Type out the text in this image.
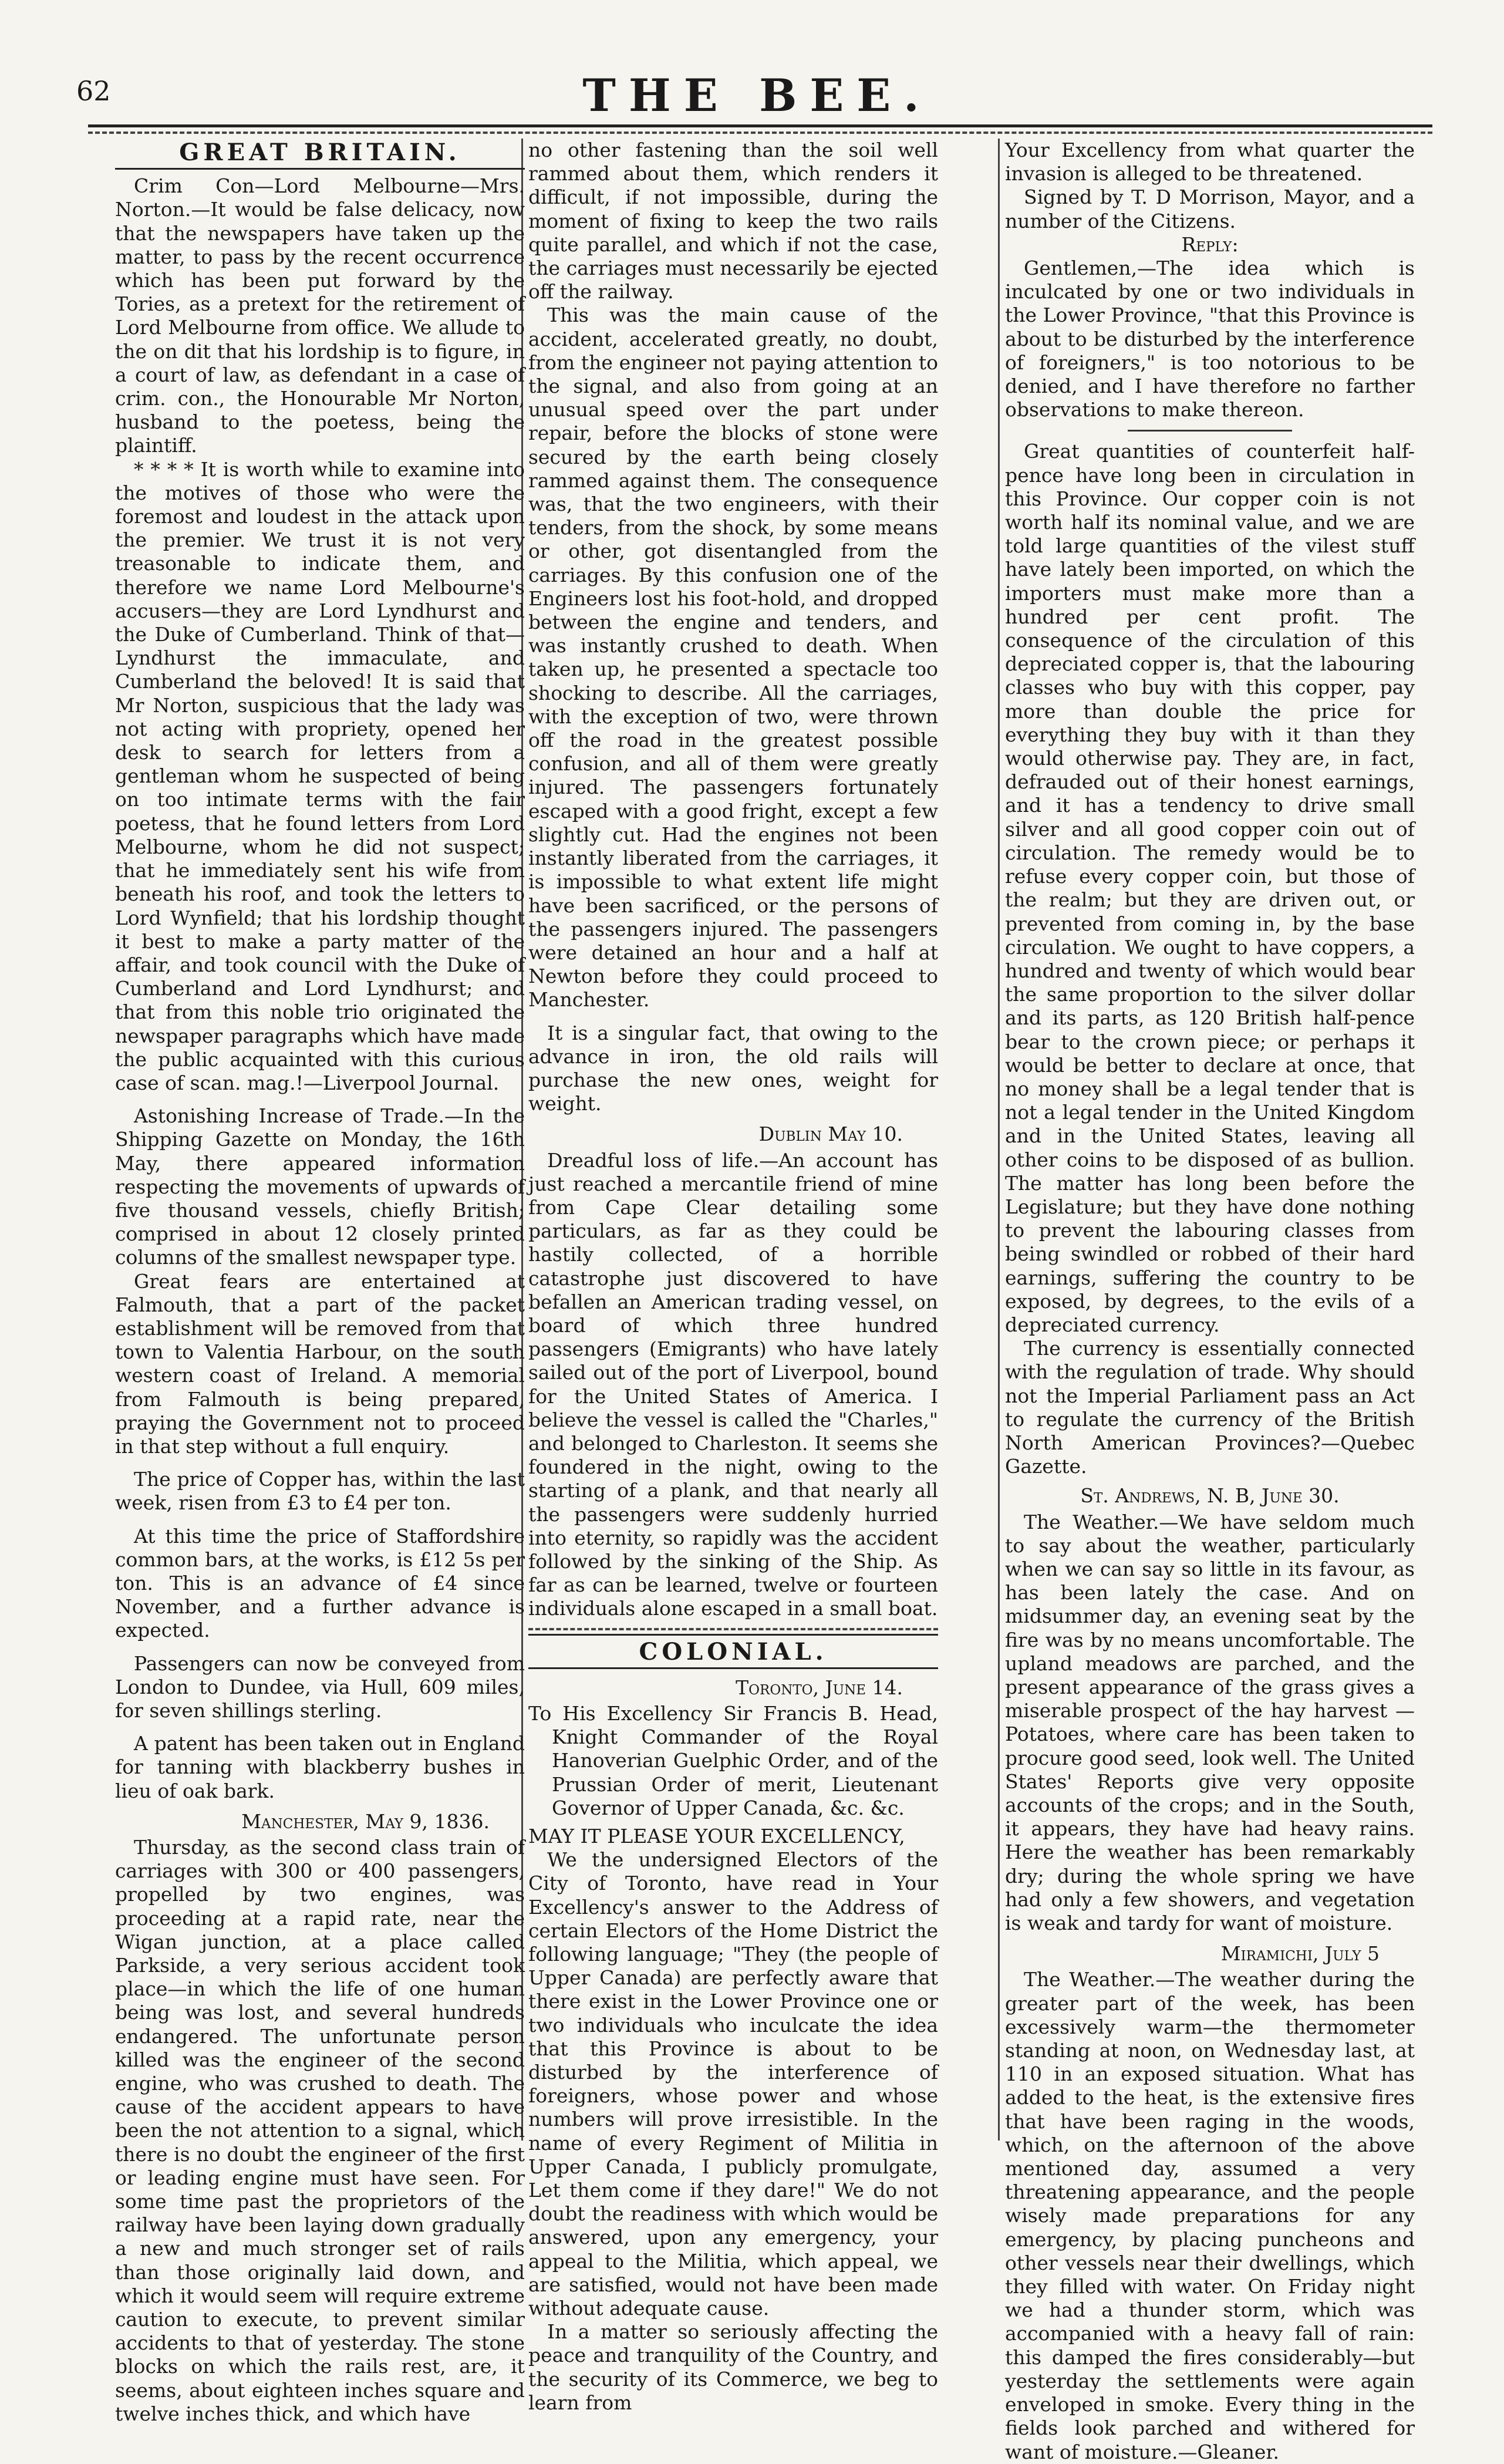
62	THE BEE.
GREAT BRITAIN.

Crim Con—Lord Melbourne—Mrs. Norton.—It would be false delicacy, now that the newspapers have taken up the matter, to pass by the recent occurrence which has been put forward by the Tories, as a pretext for the retirement of Lord Melbourne from office. We allude to the on dit that his lordship is to figure, in a court of law, as defendant in a case of crim. con., the Honourable Mr Norton, husband to the poetess, being the plaintiff.

* * * * It is worth while to examine into the motives of those who were the foremost and loudest in the attack upon the premier. We trust it is not very treasonable to indicate them, and therefore we name Lord Melbourne's accusers—they are Lord Lyndhurst and the Duke of Cumberland. Think of that—Lyndhurst the immaculate, and Cumberland the beloved! It is said that Mr Norton, suspicious that the lady was not acting with propriety, opened her desk to search for letters from a gentleman whom he suspected of being on too intimate terms with the fair poetess, that he found letters from Lord Melbourne, whom he did not suspect; that he immediately sent his wife from beneath his roof, and took the letters to Lord Wynfield; that his lordship thought it best to make a party matter of the affair, and took council with the Duke of Cumberland and Lord Lyndhurst; and that from this noble trio originated the newspaper paragraphs which have made the public acquainted with this curious case of scan. mag.!—Liverpool Journal.

Astonishing Increase of Trade.—In the Shipping Gazette on Monday, the 16th May, there appeared information respecting the movements of upwards of five thousand vessels, chiefly British; comprised in about 12 closely printed columns of the smallest newspaper type.

Great fears are entertained at Falmouth, that a part of the packet establishment will be removed from that town to Valentia Harbour, on the south western coast of Ireland. A memorial from Falmouth is being prepared, praying the Government not to proceed in that step without a full enquiry.

The price of Copper has, within the last week, risen from £3 to £4 per ton.

At this time the price of Staffordshire common bars, at the works, is £12 5s per ton. This is an advance of £4 since November, and a further advance is expected.

Passengers can now be conveyed from London to Dundee, via Hull, 609 miles, for seven shillings sterling.

A patent has been taken out in England for tanning with blackberry bushes in lieu of oak bark.

Manchester, May 9, 1836.

Thursday, as the second class train of carriages with 300 or 400 passengers, propelled by two engines, was proceeding at a rapid rate, near the Wigan junction, at a place called Parkside, a very serious accident took place—in which the life of one human being was lost, and several hundreds endangered. The unfortunate person killed was the engineer of the second engine, who was crushed to death. The cause of the accident appears to have been the not attention to a signal, which there is no doubt the engineer of the first or leading engine must have seen. For some time past the proprietors of the railway have been laying down gradually a new and much stronger set of rails than those originally laid down, and which it would seem will require extreme caution to execute, to prevent similar accidents to that of yesterday. The stone blocks on which the rails rest, are, it seems, about eighteen inches square and twelve inches thick, and which have

no other fastening than the soil well rammed about them, which renders it difficult, if not impossible, during the moment of fixing to keep the two rails quite parallel, and which if not the case, the carriages must necessarily be ejected off the railway.

This was the main cause of the accident, accelerated greatly, no doubt, from the engineer not paying attention to the signal, and also from going at an unusual speed over the part under repair, before the blocks of stone were secured by the earth being closely rammed against them. The consequence was, that the two engineers, with their tenders, from the shock, by some means or other, got disentangled from the carriages. By this confusion one of the Engineers lost his foot-hold, and dropped between the engine and tenders, and was instantly crushed to death. When taken up, he presented a spectacle too shocking to describe. All the carriages, with the exception of two, were thrown off the road in the greatest possible confusion, and all of them were greatly injured. The passengers fortunately escaped with a good fright, except a few slightly cut. Had the engines not been instantly liberated from the carriages, it is impossible to what extent life might have been sacrificed, or the persons of the passengers injured. The passengers were detained an hour and a half at Newton before they could proceed to Manchester.

It is a singular fact, that owing to the advance in iron, the old rails will purchase the new ones, weight for weight.

Dublin May 10.

Dreadful loss of life.—An account has just reached a mercantile friend of mine from Cape Clear detailing some particulars, as far as they could be hastily collected, of a horrible catastrophe just discovered to have befallen an American trading vessel, on board of which three hundred passengers (Emigrants) who have lately sailed out of the port of Liverpool, bound for the United States of America. I believe the vessel is called the "Charles," and belonged to Charleston. It seems she foundered in the night, owing to the starting of a plank, and that nearly all the passengers were suddenly hurried into eternity, so rapidly was the accident followed by the sinking of the Ship. As far as can be learned, twelve or fourteen individuals alone escaped in a small boat.

COLONIAL.
Toronto, June 14.
To His Excellency Sir Francis B. Head, Knight Commander of the Royal Hanoverian Guelphic Order, and of the Prussian Order of merit, Lieutenant Governor of Upper Canada, &c. &c.

MAY IT PLEASE YOUR EXCELLENCY,

We the undersigned Electors of the City of Toronto, have read in Your Excellency's answer to the Address of certain Electors of the Home District the following language; "They (the people of Upper Canada) are perfectly aware that there exist in the Lower Province one or two individuals who inculcate the idea that this Province is about to be disturbed by the interference of foreigners, whose power and whose numbers will prove irresistible. In the name of every Regiment of Militia in Upper Canada, I publicly promulgate, Let them come if they dare!" We do not doubt the readiness with which would be answered, upon any emergency, your appeal to the Militia, which appeal, we are satisfied, would not have been made without adequate cause.

In a matter so seriously affecting the peace and tranquility of the Country, and the security of its Commerce, we beg to learn from

Your Excellency from what quarter the invasion is alleged to be threatened.

Signed by T. D Morrison, Mayor, and a number of the Citizens.

Reply:

Gentlemen,—The idea which is inculcated by one or two individuals in the Lower Province, "that this Province is about to be disturbed by the interference of foreigners," is too notorious to be denied, and I have therefore no farther observations to make thereon.

Great quantities of counterfeit half-pence have long been in circulation in this Province. Our copper coin is not worth half its nominal value, and we are told large quantities of the vilest stuff have lately been imported, on which the importers must make more than a hundred per cent profit. The consequence of the circulation of this depreciated copper is, that the labouring classes who buy with this copper, pay more than double the price for everything they buy with it than they would otherwise pay. They are, in fact, defrauded out of their honest earnings, and it has a tendency to drive small silver and all good copper coin out of circulation. The remedy would be to refuse every copper coin, but those of the realm; but they are driven out, or prevented from coming in, by the base circulation. We ought to have coppers, a hundred and twenty of which would bear the same proportion to the silver dollar and its parts, as 120 British half-pence bear to the crown piece; or perhaps it would be better to declare at once, that no money shall be a legal tender that is not a legal tender in the United Kingdom and in the United States, leaving all other coins to be disposed of as bullion. The matter has long been before the Legislature; but they have done nothing to prevent the labouring classes from being swindled or robbed of their hard earnings, suffering the country to be exposed, by degrees, to the evils of a depreciated currency.

The currency is essentially connected with the regulation of trade. Why should not the Imperial Parliament pass an Act to regulate the currency of the British North American Provinces?—Quebec Gazette.

St. Andrews, N. B, June 30.

The Weather.—We have seldom much to say about the weather, particularly when we can say so little in its favour, as has been lately the case. And on midsummer day, an evening seat by the fire was by no means uncomfortable. The upland meadows are parched, and the present appearance of the grass gives a miserable prospect of the hay harvest —Potatoes, where care has been taken to procure good seed, look well. The United States' Reports give very opposite accounts of the crops; and in the South, it appears, they have had heavy rains. Here the weather has been remarkably dry; during the whole spring we have had only a few showers, and vegetation is weak and tardy for want of moisture.

Miramichi, July 5

The Weather.—The weather during the greater part of the week, has been excessively warm—the thermometer standing at noon, on Wednesday last, at 110 in an exposed situation. What has added to the heat, is the extensive fires that have been raging in the woods, which, on the afternoon of the above mentioned day, assumed a very threatening appearance, and the people wisely made preparations for any emergency, by placing puncheons and other vessels near their dwellings, which they filled with water. On Friday night we had a thunder storm, which was accompanied with a heavy fall of rain: this damped the fires considerably—but yesterday the settlements were again enveloped in smoke. Every thing in the fields look parched and withered for want of moisture.—Gleaner.
